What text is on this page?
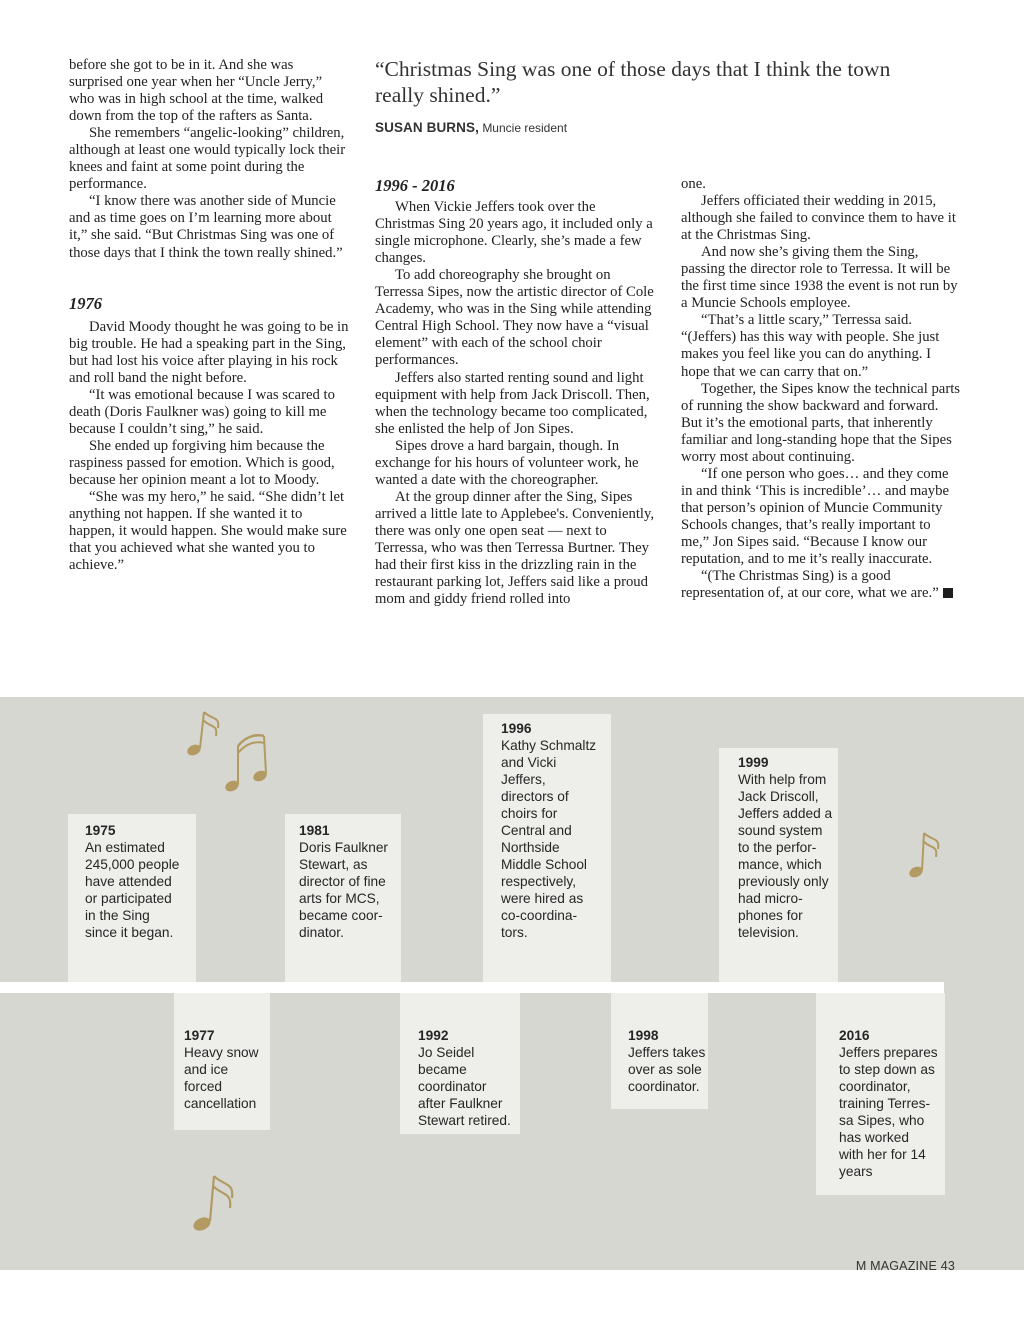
before she got to be in it. And she was surprised one year when her “Uncle Jerry,” who was in high school at the time, walked down from the top of the rafters as Santa.

She remembers “angelic-looking” children, although at least one would typically lock their knees and faint at some point during the performance.

“I know there was another side of Muncie and as time goes on I’m learning more about it,” she said. “But Christmas Sing was one of those days that I think the town really shined.”

1976

David Moody thought he was going to be in big trouble. He had a speaking part in the Sing, but had lost his voice after playing in his rock and roll band the night before.

“It was emotional because I was scared to death (Doris Faulkner was) going to kill me because I couldn’t sing,” he said.

She ended up forgiving him because the raspiness passed for emotion. Which is good, because her opinion meant a lot to Moody.

“She was my hero,” he said. “She didn’t let anything not happen. If she wanted it to happen, it would happen. She would make sure that you achieved what she wanted you to achieve.”

“Christmas Sing was one of those days that I think the town really shined.”

SUSAN BURNS, Muncie resident

1996 - 2016

When Vickie Jeffers took over the Christmas Sing 20 years ago, it included only a single microphone. Clearly, she’s made a few changes.

To add choreography she brought on Terressa Sipes, now the artistic director of Cole Academy, who was in the Sing while attending Central High School. They now have a “visual element” with each of the school choir performances.

Jeffers also started renting sound and light equipment with help from Jack Driscoll. Then, when the technology became too complicated, she enlisted the help of Jon Sipes.

Sipes drove a hard bargain, though. In exchange for his hours of volunteer work, he wanted a date with the choreographer.

At the group dinner after the Sing, Sipes arrived a little late to Applebee's. Conveniently, there was only one open seat — next to Terressa, who was then Terressa Burtner. They had their first kiss in the drizzling rain in the restaurant parking lot, Jeffers said like a proud mom and giddy friend rolled into

one.

Jeffers officiated their wedding in 2015, although she failed to convince them to have it at the Christmas Sing.

And now she’s giving them the Sing, passing the director role to Terressa. It will be the first time since 1938 the event is not run by a Muncie Schools employee.

“That’s a little scary,” Terressa said. “(Jeffers) has this way with people. She just makes you feel like you can do anything. I hope that we can carry that on.”

Together, the Sipes know the technical parts of running the show backward and forward. But it’s the emotional parts, that inherently familiar and long-standing hope that the Sipes worry most about continuing.

“If one person who goes… and they come in and think ‘This is incredible’… and maybe that person’s opinion of Muncie Community Schools changes, that’s really important to me,” Jon Sipes said. “Because I know our reputation, and to me it’s really inaccurate.

“(The Christmas Sing) is a good representation of, at our core, what we are.”

1975
An estimated
245,000 people
have attended
or participated
in the Sing
since it began.
1977
Heavy snow
and ice
forced
cancellation
1981
Doris Faulkner
Stewart, as
director of fine
arts for MCS,
became coor-
dinator.
1992
Jo Seidel
became
coordinator
after Faulkner
Stewart retired.
1996
Kathy Schmaltz
and Vicki
Jeffers,
directors of
choirs for
Central and
Northside
Middle School
respectively,
were hired as
co-coordina-
tors.
1998
Jeffers takes
over as sole
coordinator.
1999
With help from
Jack Driscoll,
Jeffers added a
sound system
to the perfor-
mance, which
previously only
had micro-
phones for
television.
2016
Jeffers prepares
to step down as
coordinator,
training Terres-
sa Sipes, who
has worked
with her for 14
years
M MAGAZINE 43
